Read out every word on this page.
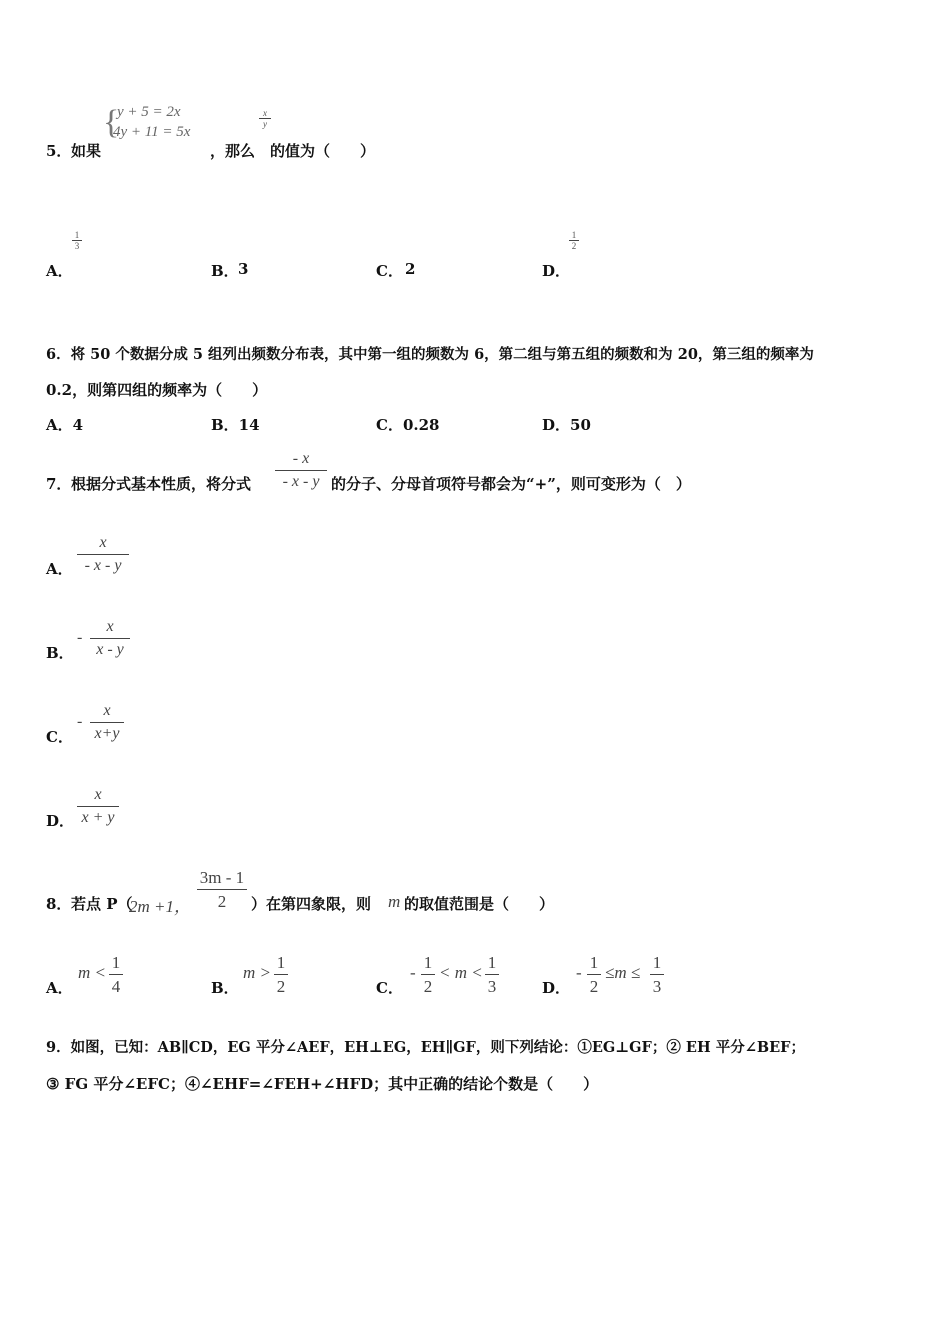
{
y + 5 = 2x
4y + 11 = 5x
$\frac{x}{y}$
5． 如果	，那么 的值为（　　）
A．
$\frac{1}{3}$
B． 3	C． 2	D．
$\frac{1}{2}$
6．将 50 个数据分成 5 组列出频数分布表，其中第一组的频数为 6，第二组与第五组的频数和为 20，第三组的频率为
0.2，则第四组的频率为（　　）
A．4	B．14	C．0.28	D．50
7． 根据分式基本性质，将分式 $\frac{- x}{- x - y}$ 的分子、分母首项符号都会为“+”，则可变形为（　）
A． $\frac{x}{- x - y}$
B．
- $\frac{x}{x - y}$
C．
- $\frac{x}{x+y}$
D． $\frac{x}{x + y}$
8． 若点 P（
2m +1， $\frac{3m - 1}{2}$ ）在第四象限，则 m 的取值范围是（　　）
A．
$m < \frac{1}{4}$	B．
$m > \frac{1}{2}$	C．
- $\frac{1}{2} < m < \frac{1}{3}$	D．
- $\frac{1}{2} \le m \le \frac{1}{3}$
9．如图，已知：AB∥CD，EG 平分∠AEF，EH⊥EG，EH∥GF，则下列结论：①EG⊥GF；② EH 平分∠BEF；
③ FG 平分∠EFC；④∠EHF=∠FEH+∠HFD；其中正确的结论个数是（　　）
